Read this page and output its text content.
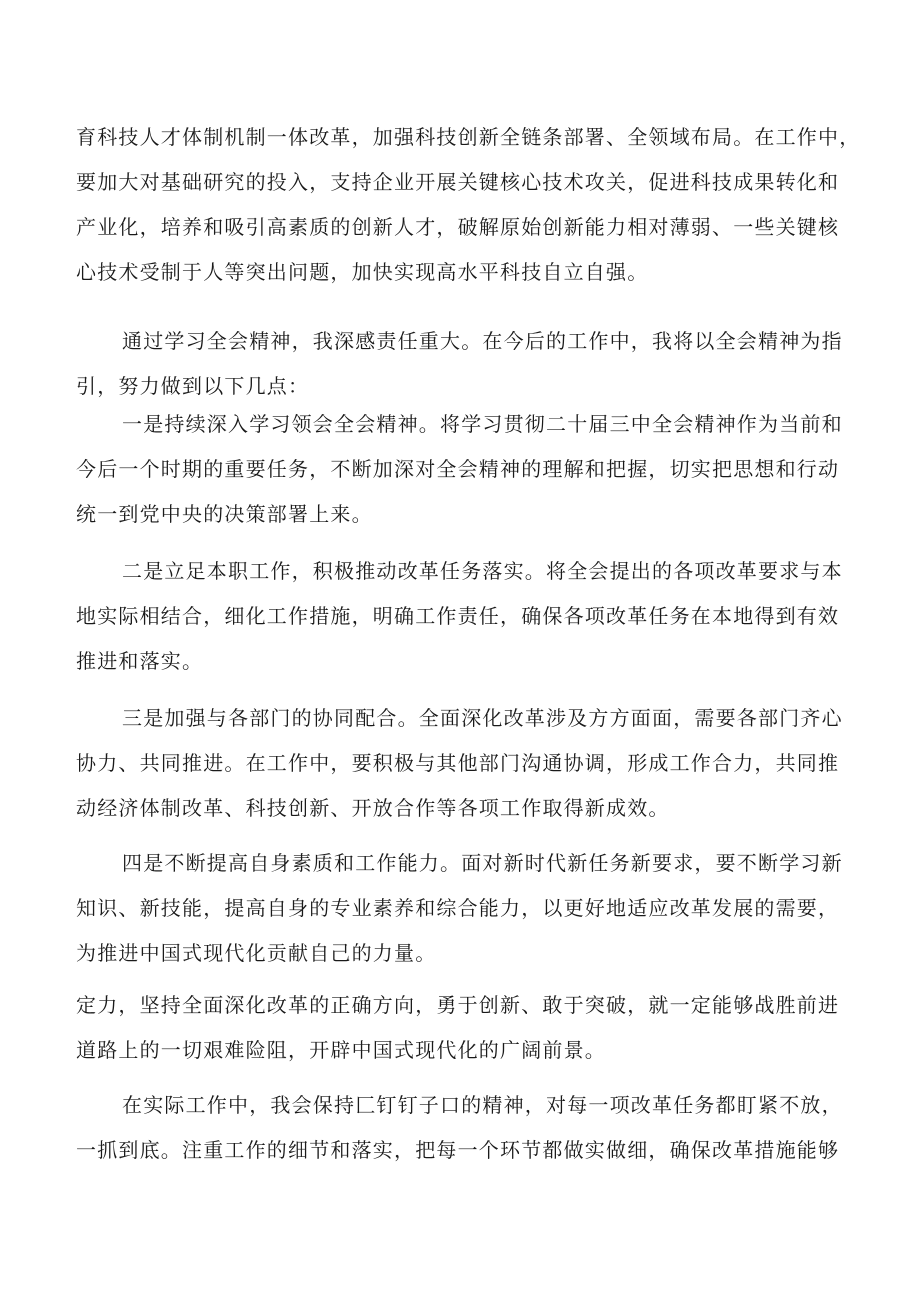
育科技人才体制机制一体改革，加强科技创新全链条部署、全领域布局。在工作中，
要加大对基础研究的投入，支持企业开展关键核心技术攻关，促进科技成果转化和
产业化，培养和吸引高素质的创新人才，破解原始创新能力相对薄弱、一些关键核
心技术受制于人等突出问题，加快实现高水平科技自立自强。
通过学习全会精神，我深感责任重大。在今后的工作中，我将以全会精神为指
引，努力做到以下几点：
一是持续深入学习领会全会精神。将学习贯彻二十届三中全会精神作为当前和
今后一个时期的重要任务，不断加深对全会精神的理解和把握，切实把思想和行动
统一到党中央的决策部署上来。
二是立足本职工作，积极推动改革任务落实。将全会提出的各项改革要求与本
地实际相结合，细化工作措施，明确工作责任，确保各项改革任务在本地得到有效
推进和落实。
三是加强与各部门的协同配合。全面深化改革涉及方方面面，需要各部门齐心
协力、共同推进。在工作中，要积极与其他部门沟通协调，形成工作合力，共同推
动经济体制改革、科技创新、开放合作等各项工作取得新成效。
四是不断提高自身素质和工作能力。面对新时代新任务新要求，要不断学习新
知识、新技能，提高自身的专业素养和综合能力，以更好地适应改革发展的需要，
为推进中国式现代化贡献自己的力量。
定力，坚持全面深化改革的正确方向，勇于创新、敢于突破，就一定能够战胜前进
道路上的一切艰难险阻，开辟中国式现代化的广阔前景。
在实际工作中，我会保持匚钉钉子口的精神，对每一项改革任务都盯紧不放，
一抓到底。注重工作的细节和落实，把每一个环节都做实做细，确保改革措施能够
